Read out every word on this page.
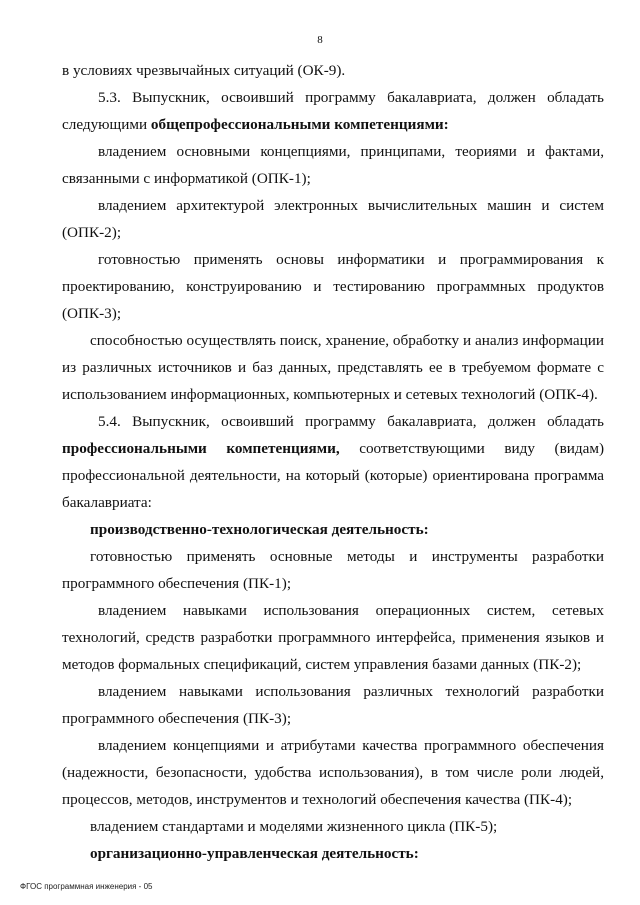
8

в условиях чрезвычайных ситуаций (ОК-9).

5.3. Выпускник, освоивший программу бакалавриата, должен обладать следующими общепрофессиональными компетенциями:

владением основными концепциями, принципами, теориями и фактами, связанными с информатикой (ОПК-1);

владением архитектурой электронных вычислительных машин и систем (ОПК-2);

готовностью применять основы информатики и программирования к проектированию, конструированию и тестированию программных продуктов (ОПК-3);

способностью осуществлять поиск, хранение, обработку и анализ информации из различных источников и баз данных, представлять ее в требуемом формате с использованием информационных, компьютерных и сетевых технологий (ОПК-4).

5.4. Выпускник, освоивший программу бакалавриата, должен обладать профессиональными компетенциями, соответствующими виду (видам) профессиональной деятельности, на который (которые) ориентирована программа бакалавриата:

производственно-технологическая деятельность:

готовностью применять основные методы и инструменты разработки программного обеспечения (ПК-1);

владением навыками использования операционных систем, сетевых технологий, средств разработки программного интерфейса, применения языков и методов формальных спецификаций, систем управления базами данных (ПК-2);

владением навыками использования различных технологий разработки программного обеспечения (ПК-3);

владением концепциями и атрибутами качества программного обеспечения (надежности, безопасности, удобства использования), в том числе роли людей, процессов, методов, инструментов и технологий обеспечения качества (ПК-4);

владением стандартами и моделями жизненного цикла (ПК-5);

организационно-управленческая деятельность:

ФГОС программная инженерия - 05
